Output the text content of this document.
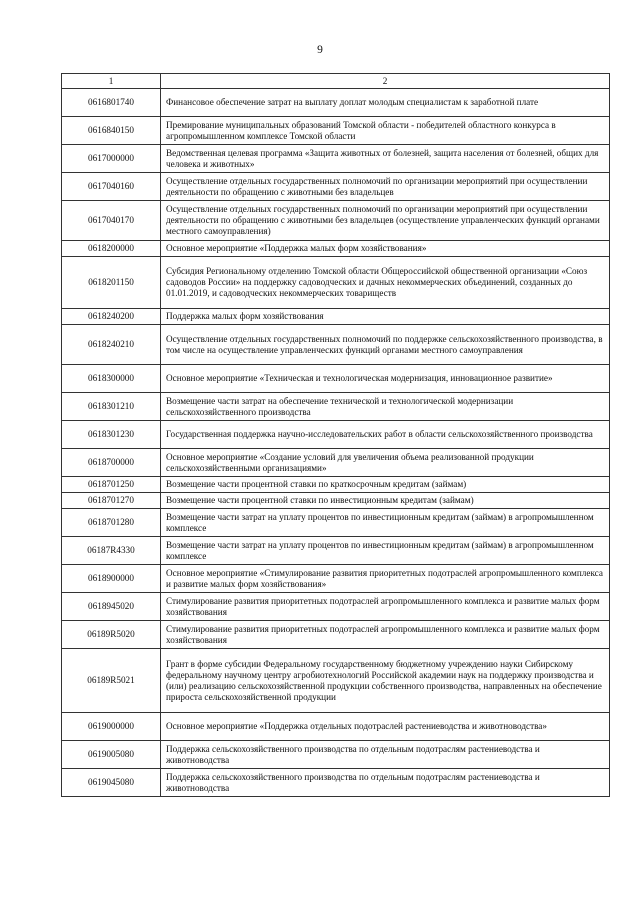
9
1	2
0616801740	Финансовое обеспечение затрат на выплату доплат молодым специалистам к заработной плате
0616840150	Премирование муниципальных образований Томской области - победителей областного конкурса в агропромышленном комплексе Томской области
0617000000	Ведомственная целевая программа «Защита животных от болезней, защита населения от болезней, общих для человека и животных»
0617040160	Осуществление отдельных государственных полномочий по организации мероприятий при осуществлении деятельности по обращению с животными без владельцев
0617040170	Осуществление отдельных государственных полномочий по организации мероприятий при осуществлении деятельности по обращению с животными без владельцев (осуществление управленческих функций органами местного самоуправления)
0618200000	Основное мероприятие «Поддержка малых форм хозяйствования»
0618201150	Субсидия Региональному отделению Томской области Общероссийской общественной организации «Союз садоводов России» на поддержку садоводческих и дачных некоммерческих объединений, созданных до 01.01.2019, и садоводческих некоммерческих товариществ
0618240200	Поддержка малых форм хозяйствования
0618240210	Осуществление отдельных государственных полномочий по поддержке сельскохозяйственного производства, в том числе на осуществление управленческих функций органами местного самоуправления
0618300000	Основное мероприятие «Техническая и технологическая модернизация, инновационное развитие»
0618301210	Возмещение части затрат на обеспечение технической и технологической модернизации сельскохозяйственного производства
0618301230	Государственная поддержка научно-исследовательских работ в области сельскохозяйственного производства
0618700000	Основное мероприятие «Создание условий для увеличения объема реализованной продукции сельскохозяйственными организациями»
0618701250	Возмещение части процентной ставки по краткосрочным кредитам (займам)
0618701270	Возмещение части процентной ставки по инвестиционным кредитам (займам)
0618701280	Возмещение части затрат на уплату процентов по инвестиционным кредитам (займам) в агропромышленном комплексе
06187R4330	Возмещение части затрат на уплату процентов по инвестиционным кредитам (займам) в агропромышленном комплексе
0618900000	Основное мероприятие «Стимулирование развития приоритетных подотраслей агропромышленного комплекса и развитие малых форм хозяйствования»
0618945020	Стимулирование развития приоритетных подотраслей агропромышленного комплекса и развитие малых форм хозяйствования
06189R5020	Стимулирование развития приоритетных подотраслей агропромышленного комплекса и развитие малых форм хозяйствования
06189R5021	Грант в форме субсидии Федеральному государственному бюджетному учреждению науки Сибирскому федеральному научному центру агробиотехнологий Российской академии наук на поддержку производства и (или) реализацию сельскохозяйственной продукции собственного производства, направленных на обеспечение прироста сельскохозяйственной продукции
0619000000	Основное мероприятие «Поддержка отдельных подотраслей растениеводства и животноводства»
0619005080	Поддержка сельскохозяйственного производства по отдельным подотраслям растениеводства и животноводства
0619045080	Поддержка сельскохозяйственного производства по отдельным подотраслям растениеводства и животноводства
